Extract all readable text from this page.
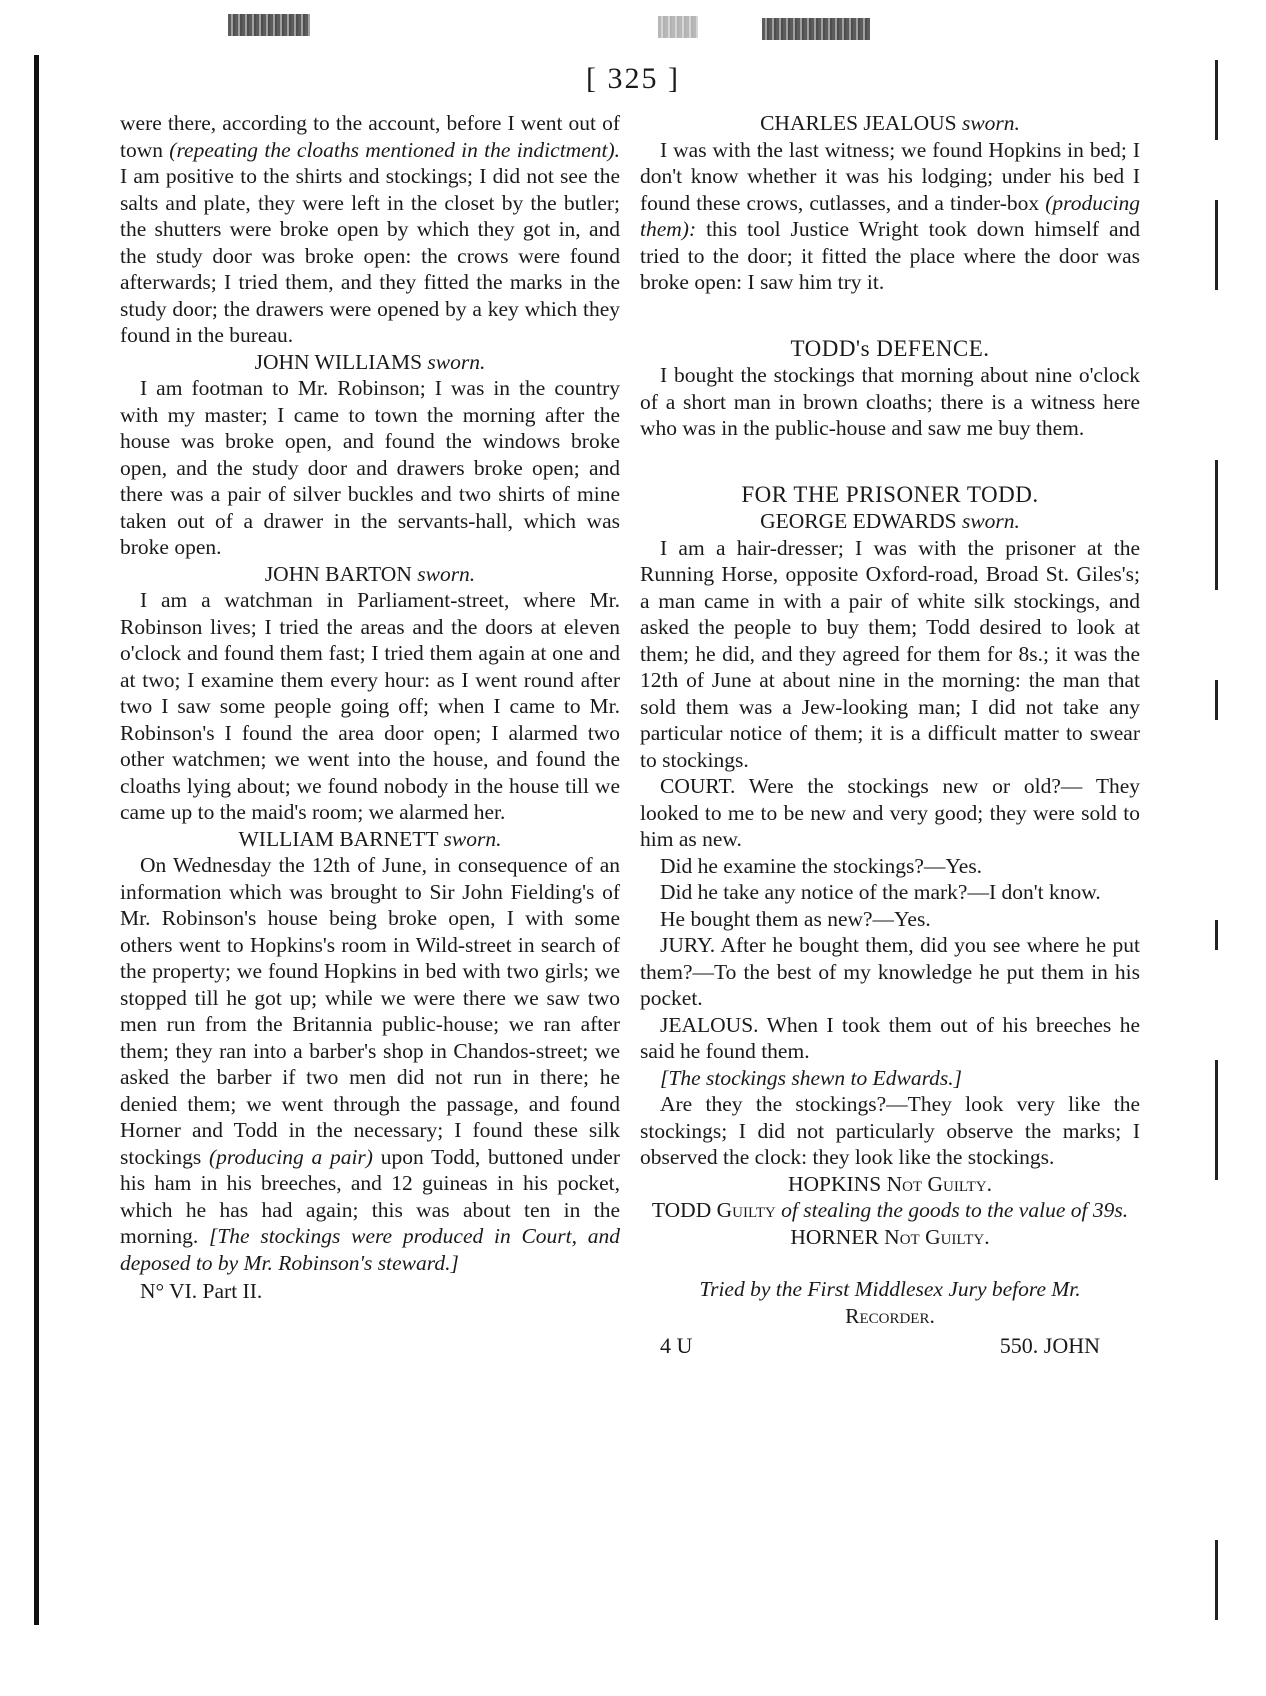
[ 325 ]

were there, according to the account, before I went out of town (repeating the cloaths mentioned in the indictment). I am positive to the shirts and stockings; I did not see the salts and plate, they were left in the closet by the butler; the shutters were broke open by which they got in, and the study door was broke open: the crows were found afterwards; I tried them, and they fitted the marks in the study door; the drawers were opened by a key which they found in the bureau.

JOHN WILLIAMS sworn.

I am footman to Mr. Robinson; I was in the country with my master; I came to town the morning after the house was broke open, and found the windows broke open, and the study door and drawers broke open; and there was a pair of silver buckles and two shirts of mine taken out of a drawer in the servants-hall, which was broke open.

JOHN BARTON sworn.

I am a watchman in Parliament-street, where Mr. Robinson lives; I tried the areas and the doors at eleven o'clock and found them fast; I tried them again at one and at two; I examine them every hour: as I went round after two I saw some people going off; when I came to Mr. Robinson's I found the area door open; I alarmed two other watchmen; we went into the house, and found the cloaths lying about; we found nobody in the house till we came up to the maid's room; we alarmed her.

WILLIAM BARNETT sworn.

On Wednesday the 12th of June, in consequence of an information which was brought to Sir John Fielding's of Mr. Robinson's house being broke open, I with some others went to Hopkins's room in Wild-street in search of the property; we found Hopkins in bed with two girls; we stopped till he got up; while we were there we saw two men run from the Britannia public-house; we ran after them; they ran into a barber's shop in Chandos-street; we asked the barber if two men did not run in there; he denied them; we went through the passage, and found Horner and Todd in the necessary; I found these silk stockings (producing a pair) upon Todd, buttoned under his ham in his breeches, and 12 guineas in his pocket, which he has had again; this was about ten in the morning. [The stockings were produced in Court, and deposed to by Mr. Robinson's steward.]

N° VI. Part II.

CHARLES JEALOUS sworn.

I was with the last witness; we found Hopkins in bed; I don't know whether it was his lodging; under his bed I found these crows, cutlasses, and a tinder-box (producing them): this tool Justice Wright took down himself and tried to the door; it fitted the place where the door was broke open: I saw him try it.

TODD's DEFENCE.

I bought the stockings that morning about nine o'clock of a short man in brown cloaths; there is a witness here who was in the public-house and saw me buy them.

FOR THE PRISONER TODD.

GEORGE EDWARDS sworn.

I am a hair-dresser; I was with the prisoner at the Running Horse, opposite Oxford-road, Broad St. Giles's; a man came in with a pair of white silk stockings, and asked the people to buy them; Todd desired to look at them; he did, and they agreed for them for 8s.; it was the 12th of June at about nine in the morning: the man that sold them was a Jew-looking man; I did not take any particular notice of them; it is a difficult matter to swear to stockings.

COURT. Were the stockings new or old?— They looked to me to be new and very good; they were sold to him as new.

Did he examine the stockings?—Yes.

Did he take any notice of the mark?—I don't know.

He bought them as new?—Yes.

JURY. After he bought them, did you see where he put them?—To the best of my knowledge he put them in his pocket.

JEALOUS. When I took them out of his breeches he said he found them.

[The stockings shewn to Edwards.]

Are they the stockings?—They look very like the stockings; I did not particularly observe the marks; I observed the clock: they look like the stockings.

HOPKINS Not Guilty.

TODD Guilty of stealing the goods to the value of 39s.

HORNER Not Guilty.

Tried by the First Middlesex Jury before Mr.
Recorder.

4 U	550. JOHN
